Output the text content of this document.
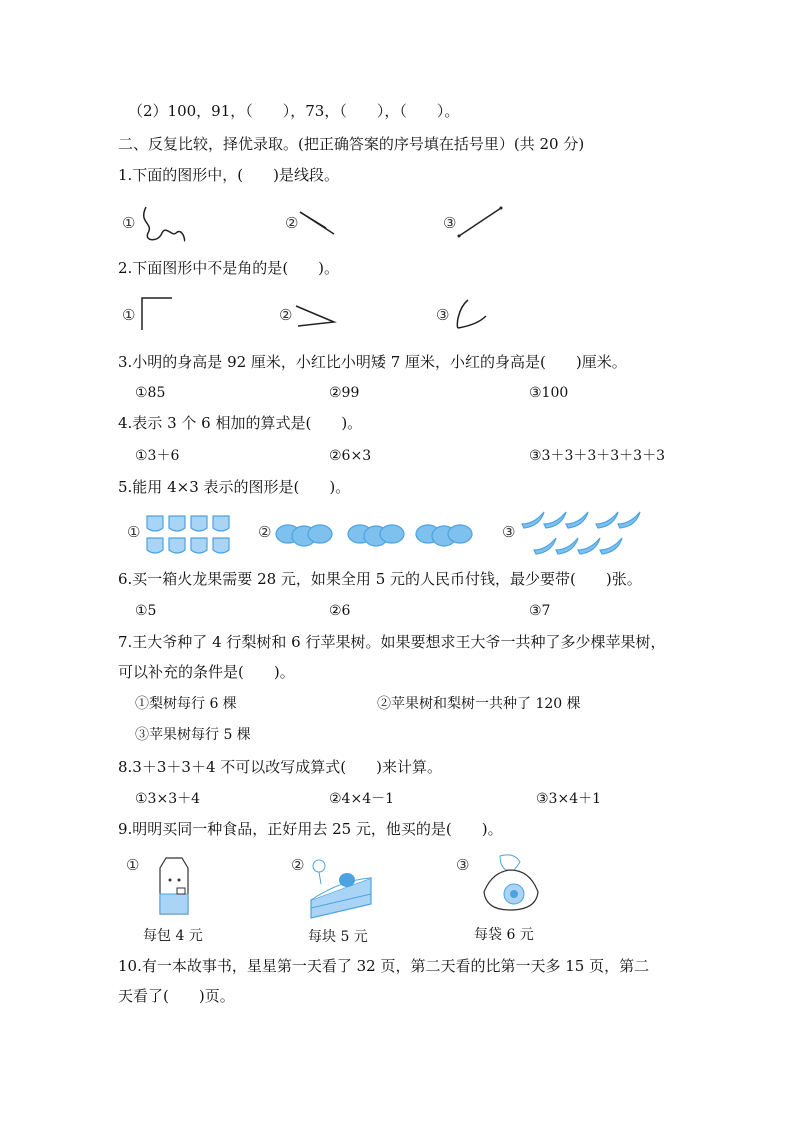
（2）100，91，（　　），73，（　　），（　　）。
二、反复比较，择优录取。(把正确答案的序号填在括号里）(共 20 分)
1.下面的图形中，(　　)是线段。
①	②	③
2.下面图形中不是角的是(　　)。
①	②	③
3.小明的身高是 92 厘米，小红比小明矮 7 厘米，小红的身高是(　　)厘米。
①85	②99	③100
4.表示 3 个 6 相加的算式是(　　)。
①3＋6	②6×3	③3＋3＋3＋3＋3＋3
5.能用 4×3 表示的图形是(　　)。
①	②	③
6.买一箱火龙果需要 28 元，如果全用 5 元的人民币付钱，最少要带(　　)张。
①5	②6	③7
7.王大爷种了 4 行梨树和 6 行苹果树。如果要想求王大爷一共种了多少棵苹果树，
可以补充的条件是(　　)。
①梨树每行 6 棵	②苹果树和梨树一共种了 120 棵
③苹果树每行 5 棵
8.3＋3＋3＋4 不可以改写成算式(　　)来计算。
①3×3＋4	②4×4－1	③3×4＋1
9.明明买同一种食品，正好用去 25 元，他买的是(　　)。
①
每包 4 元
②
每块 5 元
③
每袋 6 元
10.有一本故事书，星星第一天看了 32 页，第二天看的比第一天多 15 页，第二
天看了(　　)页。
